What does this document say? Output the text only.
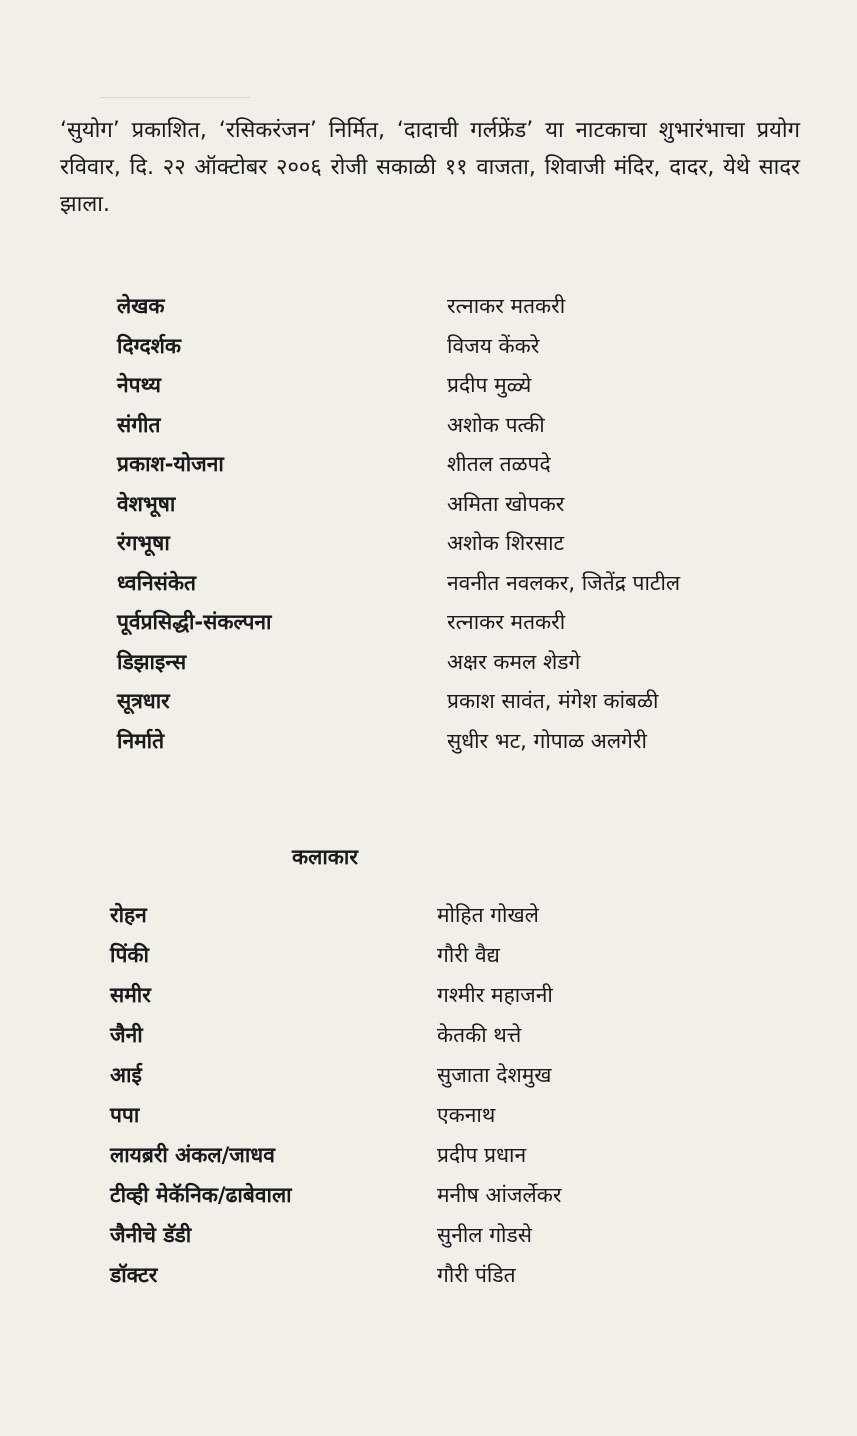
‘सुयोग’ प्रकाशित, ‘रसिकरंजन’ निर्मित, ‘दादाची गर्लफ्रेंड’ या नाटकाचा शुभारंभाचा प्रयोग रविवार, दि. २२ ऑक्टोबर २००६ रोजी सकाळी ११ वाजता, शिवाजी मंदिर, दादर, येथे सादर झाला.

लेखक	रत्नाकर मतकरी
दिग्दर्शक	विजय केंकरे
नेपथ्य	प्रदीप मुळ्ये
संगीत	अशोक पत्की
प्रकाश-योजना	शीतल तळपदे
वेशभूषा	अमिता खोपकर
रंगभूषा	अशोक शिरसाट
ध्वनिसंकेत	नवनीत नवलकर, जितेंद्र पाटील
पूर्वप्रसिद्धी-संकल्पना	रत्नाकर मतकरी
डिझाइन्स	अक्षर कमल शेडगे
सूत्रधार	प्रकाश सावंत, मंगेश कांबळी
निर्माते	सुधीर भट, गोपाळ अलगेरी
कलाकार
रोहन	मोहित गोखले
पिंकी	गौरी वैद्य
समीर	गश्मीर महाजनी
जैनी	केतकी थत्ते
आई	सुजाता देशमुख
पपा	एकनाथ
लायब्ररी अंकल/जाधव	प्रदीप प्रधान
टीव्ही मेकॅनिक/ढाबेवाला	मनीष आंजर्लेकर
जैनीचे डॅडी	सुनील गोडसे
डॉक्टर	गौरी पंडित
